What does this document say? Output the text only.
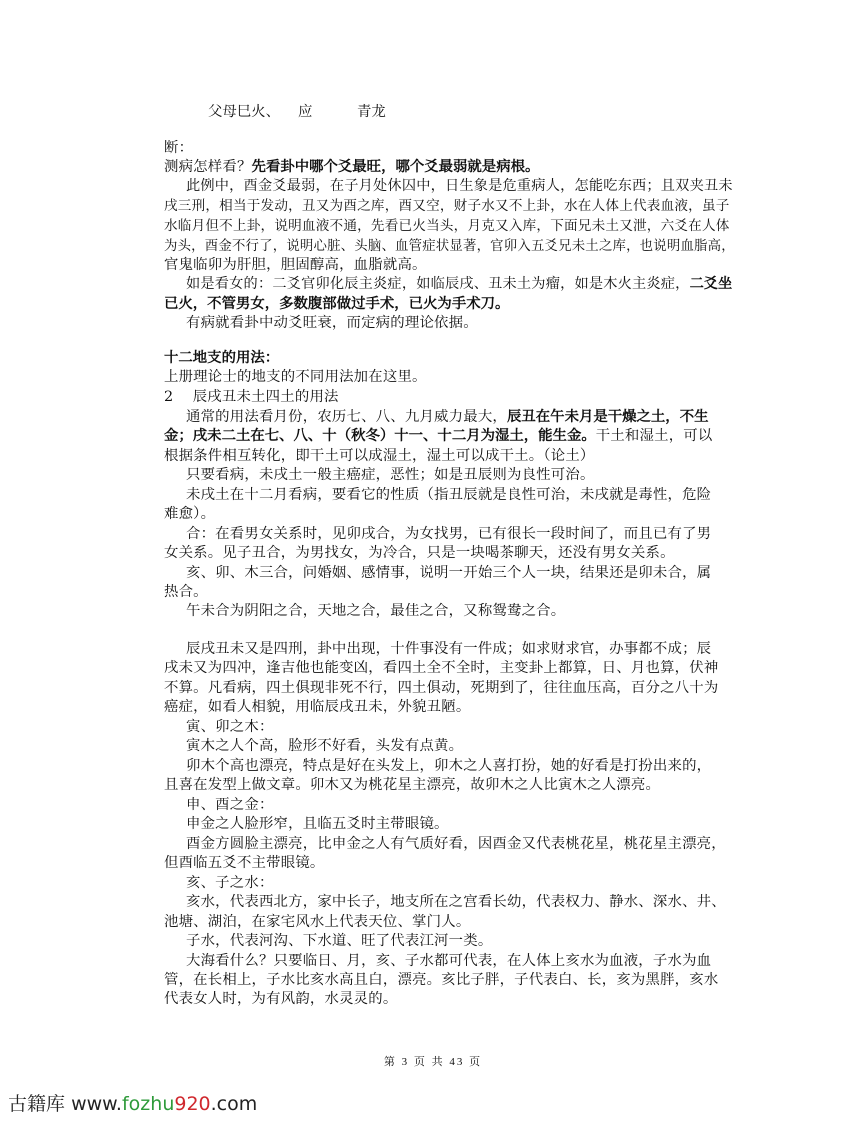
父母巳火、 应	青龙
断：
测病怎样看？先看卦中哪个爻最旺，哪个爻最弱就是病根。
此例中，酉金爻最弱，在子月处休囚中，日生象是危重病人，怎能吃东西；且双夹丑未
戌三刑，相当于发动，丑又为酉之库，酉又空，财子水又不上卦，水在人体上代表血液，虽子
水临月但不上卦，说明血液不通，先看已火当头，月克又入库，下面兄未土又泄，六爻在人体
为头，酉金不行了，说明心脏、头脑、血管症状显著，官卯入五爻兄未土之库，也说明血脂高，
官鬼临卯为肝胆，胆固醇高，血脂就高。
如是看女的：二爻官卯化辰主炎症，如临辰戌、丑未土为瘤，如是木火主炎症，二爻坐
已火，不管男女，多数腹部做过手术，已火为手术刀。
有病就看卦中动爻旺衰，而定病的理论依据。
十二地支的用法：
上册理论士的地支的不同用法加在这里。
2　 辰戌丑未土四土的用法
通常的用法看月份，农历七、八、九月威力最大，辰丑在午未月是干燥之土，不生
金；戌未二土在七、八、十（秋冬）十一、十二月为湿土，能生金。干土和湿土，可以
根据条件相互转化，即干土可以成湿土，湿土可以成干土。（论土）
只要看病，未戌土一般主癌症，恶性；如是丑辰则为良性可治。
未戌土在十二月看病，要看它的性质（指丑辰就是良性可治，未戌就是毒性，危险
难愈）。
合：在看男女关系时，见卯戌合，为女找男，已有很长一段时间了，而且已有了男
女关系。见子丑合，为男找女，为冷合，只是一块喝茶聊天，还没有男女关系。
亥、卯、木三合，问婚姻、感情事，说明一开始三个人一块，结果还是卯未合，属
热合。
午未合为阴阳之合，天地之合，最佳之合，又称鸳鸯之合。
辰戌丑未又是四刑，卦中出现，十件事没有一件成；如求财求官，办事都不成；辰
戌未又为四冲，逢吉他也能变凶，看四土全不全时，主变卦上都算，日、月也算，伏神
不算。凡看病，四土俱现非死不行，四土俱动，死期到了，往往血压高，百分之八十为
癌症，如看人相貌，用临辰戌丑未，外貌丑陋。
寅、卯之木：
寅木之人个高，脸形不好看，头发有点黄。
卯木个高也漂亮，特点是好在头发上，卯木之人喜打扮，她的好看是打扮出来的，
且喜在发型上做文章。卯木又为桃花星主漂亮，故卯木之人比寅木之人漂亮。
申、酉之金：
申金之人脸形窄，且临五爻时主带眼镜。
酉金方圆脸主漂亮，比申金之人有气质好看，因酉金又代表桃花星，桃花星主漂亮，
但酉临五爻不主带眼镜。
亥、子之水：
亥水，代表西北方，家中长子，地支所在之宫看长幼，代表权力、静水、深水、井、
池塘、湖泊，在家宅风水上代表天位、掌门人。
子水，代表河沟、下水道、旺了代表江河一类。
大海看什么？只要临日、月，亥、子水都可代表，在人体上亥水为血液，子水为血
管，在长相上，子水比亥水高且白，漂亮。亥比子胖，子代表白、长，亥为黑胖，亥水
代表女人时，为有风韵，水灵灵的。
第 3 页 共 43 页
古籍库 www.fozhu920.com
